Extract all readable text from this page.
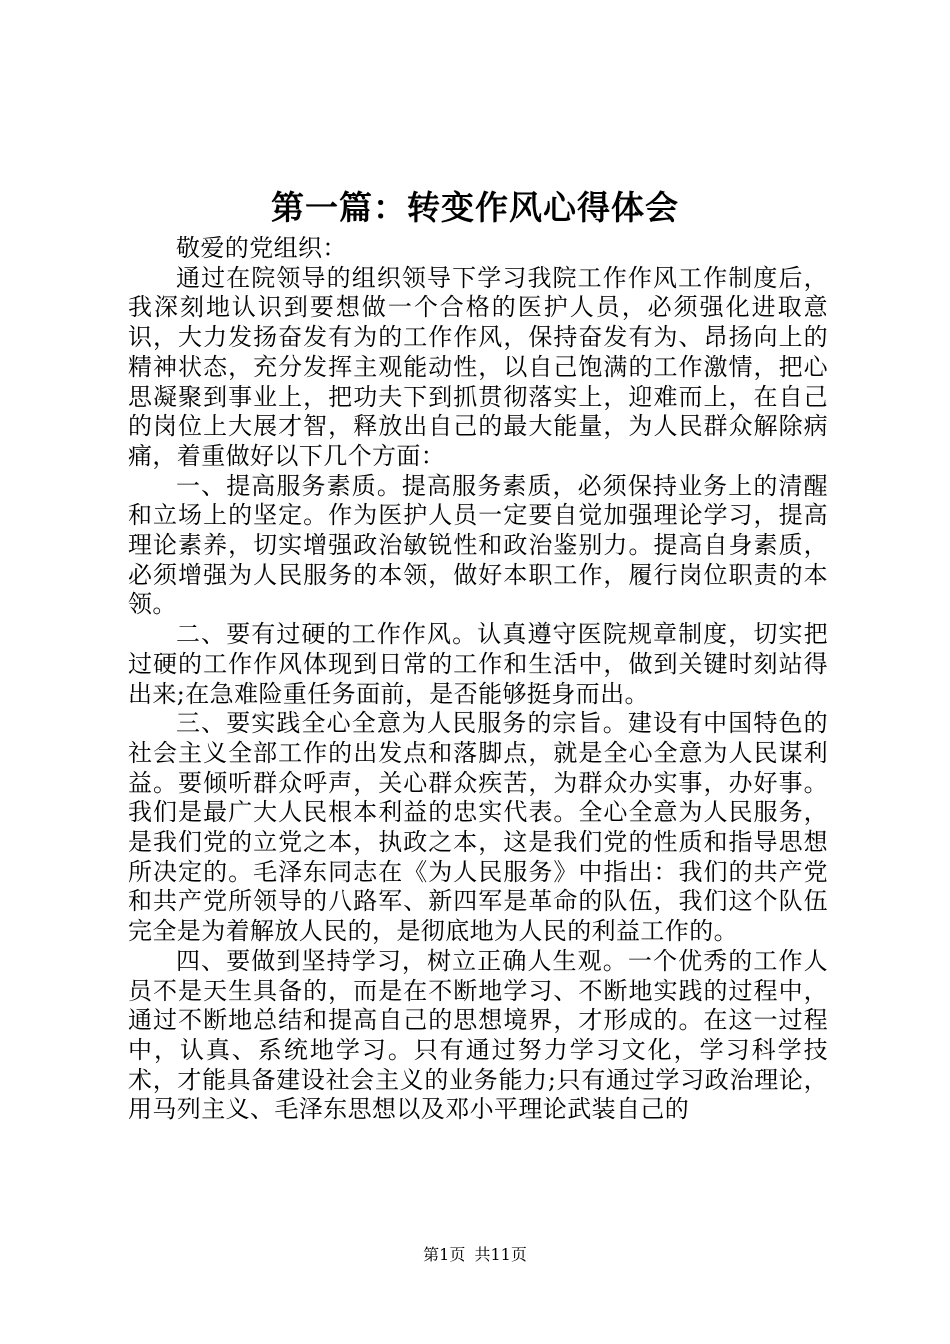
第一篇：转变作风心得体会

敬爱的党组织：

通过在院领导的组织领导下学习我院工作作风工作制度后，我深刻地认识到要想做一个合格的医护人员，必须强化进取意识，大力发扬奋发有为的工作作风，保持奋发有为、昂扬向上的精神状态，充分发挥主观能动性，以自己饱满的工作激情，把心思凝聚到事业上，把功夫下到抓贯彻落实上，迎难而上，在自己的岗位上大展才智，释放出自己的最大能量，为人民群众解除病痛，着重做好以下几个方面：

一、提高服务素质。提高服务素质，必须保持业务上的清醒和立场上的坚定。作为医护人员一定要自觉加强理论学习，提高理论素养，切实增强政治敏锐性和政治鉴别力。提高自身素质，必须增强为人民服务的本领，做好本职工作，履行岗位职责的本领。

二、要有过硬的工作作风。认真遵守医院规章制度，切实把过硬的工作作风体现到日常的工作和生活中，做到关键时刻站得出来;在急难险重任务面前，是否能够挺身而出。

三、要实践全心全意为人民服务的宗旨。建设有中国特色的社会主义全部工作的出发点和落脚点，就是全心全意为人民谋利益。要倾听群众呼声，关心群众疾苦，为群众办实事，办好事。我们是最广大人民根本利益的忠实代表。全心全意为人民服务，是我们党的立党之本，执政之本，这是我们党的性质和指导思想所决定的。毛泽东同志在《为人民服务》中指出：我们的共产党和共产党所领导的八路军、新四军是革命的队伍，我们这个队伍完全是为着解放人民的，是彻底地为人民的利益工作的。

四、要做到坚持学习，树立正确人生观。一个优秀的工作人员不是天生具备的，而是在不断地学习、不断地实践的过程中，通过不断地总结和提高自己的思想境界，才形成的。在这一过程中，认真、系统地学习。只有通过努力学习文化，学习科学技术，才能具备建设社会主义的业务能力;只有通过学习政治理论，用马列主义、毛泽东思想以及邓小平理论武装自己的

第1页 共11页
